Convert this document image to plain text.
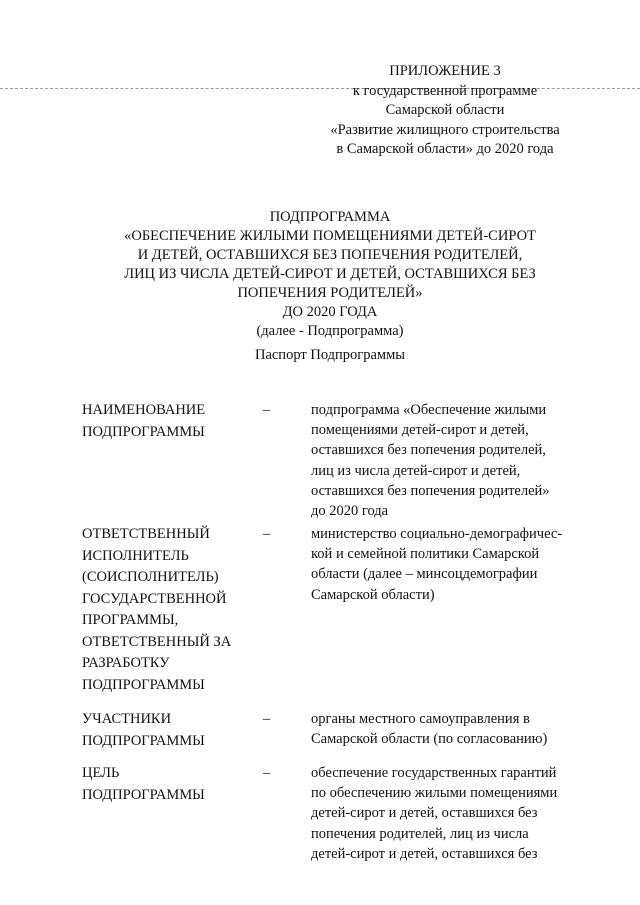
ПРИЛОЖЕНИЕ 3
к государственной программе
Самарской области
«Развитие жилищного строительства
в Самарской области» до 2020 года
ПОДПРОГРАММА
«ОБЕСПЕЧЕНИЕ ЖИЛЫМИ ПОМЕЩЕНИЯМИ ДЕТЕЙ-СИРОТ
И ДЕТЕЙ, ОСТАВШИХСЯ БЕЗ ПОПЕЧЕНИЯ РОДИТЕЛЕЙ,
ЛИЦ ИЗ ЧИСЛА ДЕТЕЙ-СИРОТ И ДЕТЕЙ, ОСТАВШИХСЯ БЕЗ
ПОПЕЧЕНИЯ РОДИТЕЛЕЙ»
ДО 2020 ГОДА
(далее - Подпрограмма)
Паспорт Подпрограммы
НАИМЕНОВАНИЕ
ПОДПРОГРАММЫ
–	подпрограмма «Обеспечение жилыми
помещениями детей-сирот и детей,
оставшихся без попечения родителей,
лиц из числа детей-сирот и детей,
оставшихся без попечения родителей»
до 2020 года
ОТВЕТСТВЕННЫЙ
ИСПОЛНИТЕЛЬ
(СОИСПОЛНИТЕЛЬ)
ГОСУДАРСТВЕННОЙ
ПРОГРАММЫ,
ОТВЕТСТВЕННЫЙ ЗА
РАЗРАБОТКУ
ПОДПРОГРАММЫ
–	министерство социально-демографичес-
кой и семейной политики Самарской
области (далее – минсоцдемографии
Самарской области)
УЧАСТНИКИ
ПОДПРОГРАММЫ
–	органы местного самоуправления в
Самарской области (по согласованию)
ЦЕЛЬ
ПОДПРОГРАММЫ
–	обеспечение государственных гарантий
по обеспечению жилыми помещениями
детей-сирот и детей, оставшихся без
попечения родителей, лиц из числа
детей-сирот и детей, оставшихся без
